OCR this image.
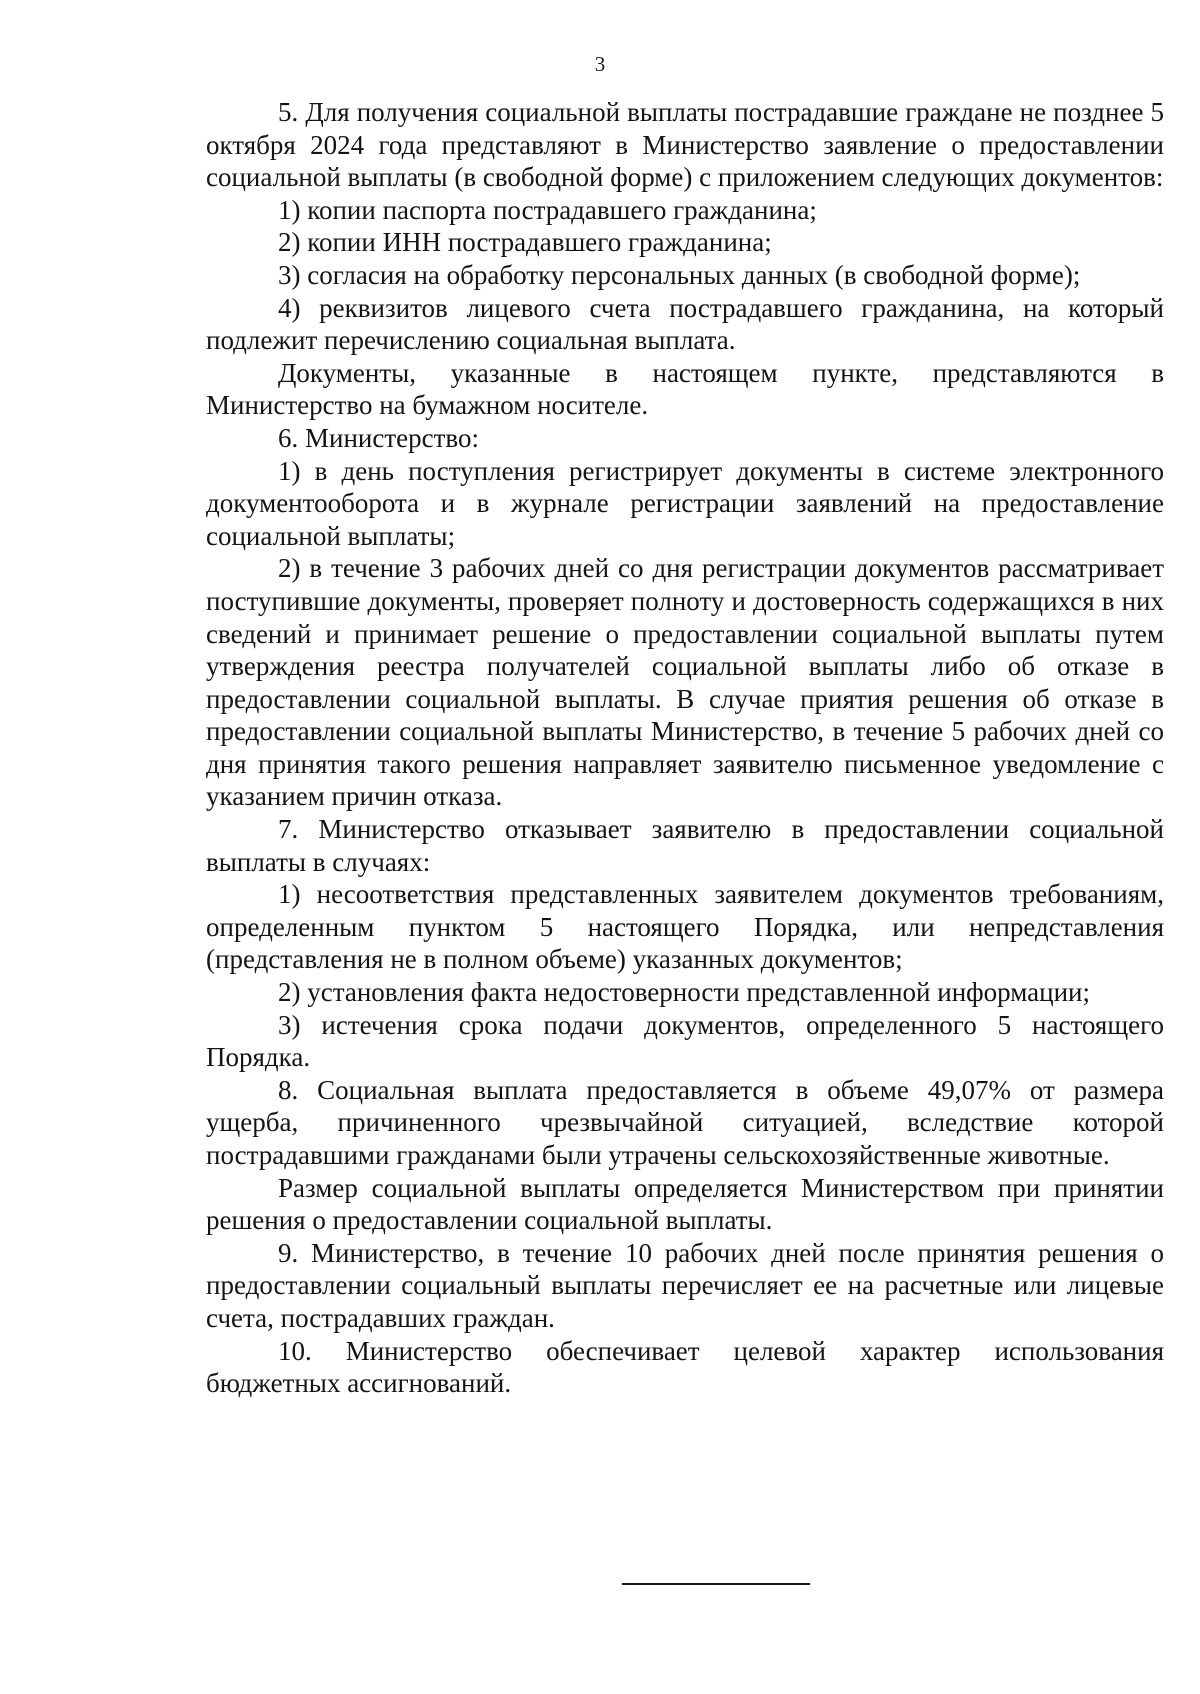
3

5. Для получения социальной выплаты пострадавшие граждане не позднее 5 октября 2024 года представляют в Министерство заявление о предоставлении социальной выплаты (в свободной форме) с приложением следующих документов:

1) копии паспорта пострадавшего гражданина;

2) копии ИНН пострадавшего гражданина;

3) согласия на обработку персональных данных (в свободной форме);

4) реквизитов лицевого счета пострадавшего гражданина, на который подлежит перечислению социальная выплата.

Документы, указанные в настоящем пункте, представляются в Министерство на бумажном носителе.

6. Министерство:

1) в день поступления регистрирует документы в системе электронного документооборота и в журнале регистрации заявлений на предоставление социальной выплаты;

2) в течение 3 рабочих дней со дня регистрации документов рассматривает поступившие документы, проверяет полноту и достоверность содержащихся в них сведений и принимает решение о предоставлении социальной выплаты путем утверждения реестра получателей социальной выплаты либо об отказе в предоставлении социальной выплаты. В случае приятия решения об отказе в предоставлении социальной выплаты Министерство, в течение 5 рабочих дней со дня принятия такого решения направляет заявителю письменное уведомление с указанием причин отказа.

7. Министерство отказывает заявителю в предоставлении социальной выплаты в случаях:

1) несоответствия представленных заявителем документов требованиям, определенным пунктом 5 настоящего Порядка, или непредставления (представления не в полном объеме) указанных документов;

2) установления факта недостоверности представленной информации;

3) истечения срока подачи документов, определенного 5 настоящего Порядка.

8. Социальная выплата предоставляется в объеме 49,07% от размера ущерба, причиненного чрезвычайной ситуацией, вследствие которой пострадавшими гражданами были утрачены сельскохозяйственные животные.

Размер социальной выплаты определяется Министерством при принятии решения о предоставлении социальной выплаты.

9. Министерство, в течение 10 рабочих дней после принятия решения о предоставлении социальный выплаты перечисляет ее на расчетные или лицевые счета, пострадавших граждан.

10. Министерство обеспечивает целевой характер использования бюджетных ассигнований.
